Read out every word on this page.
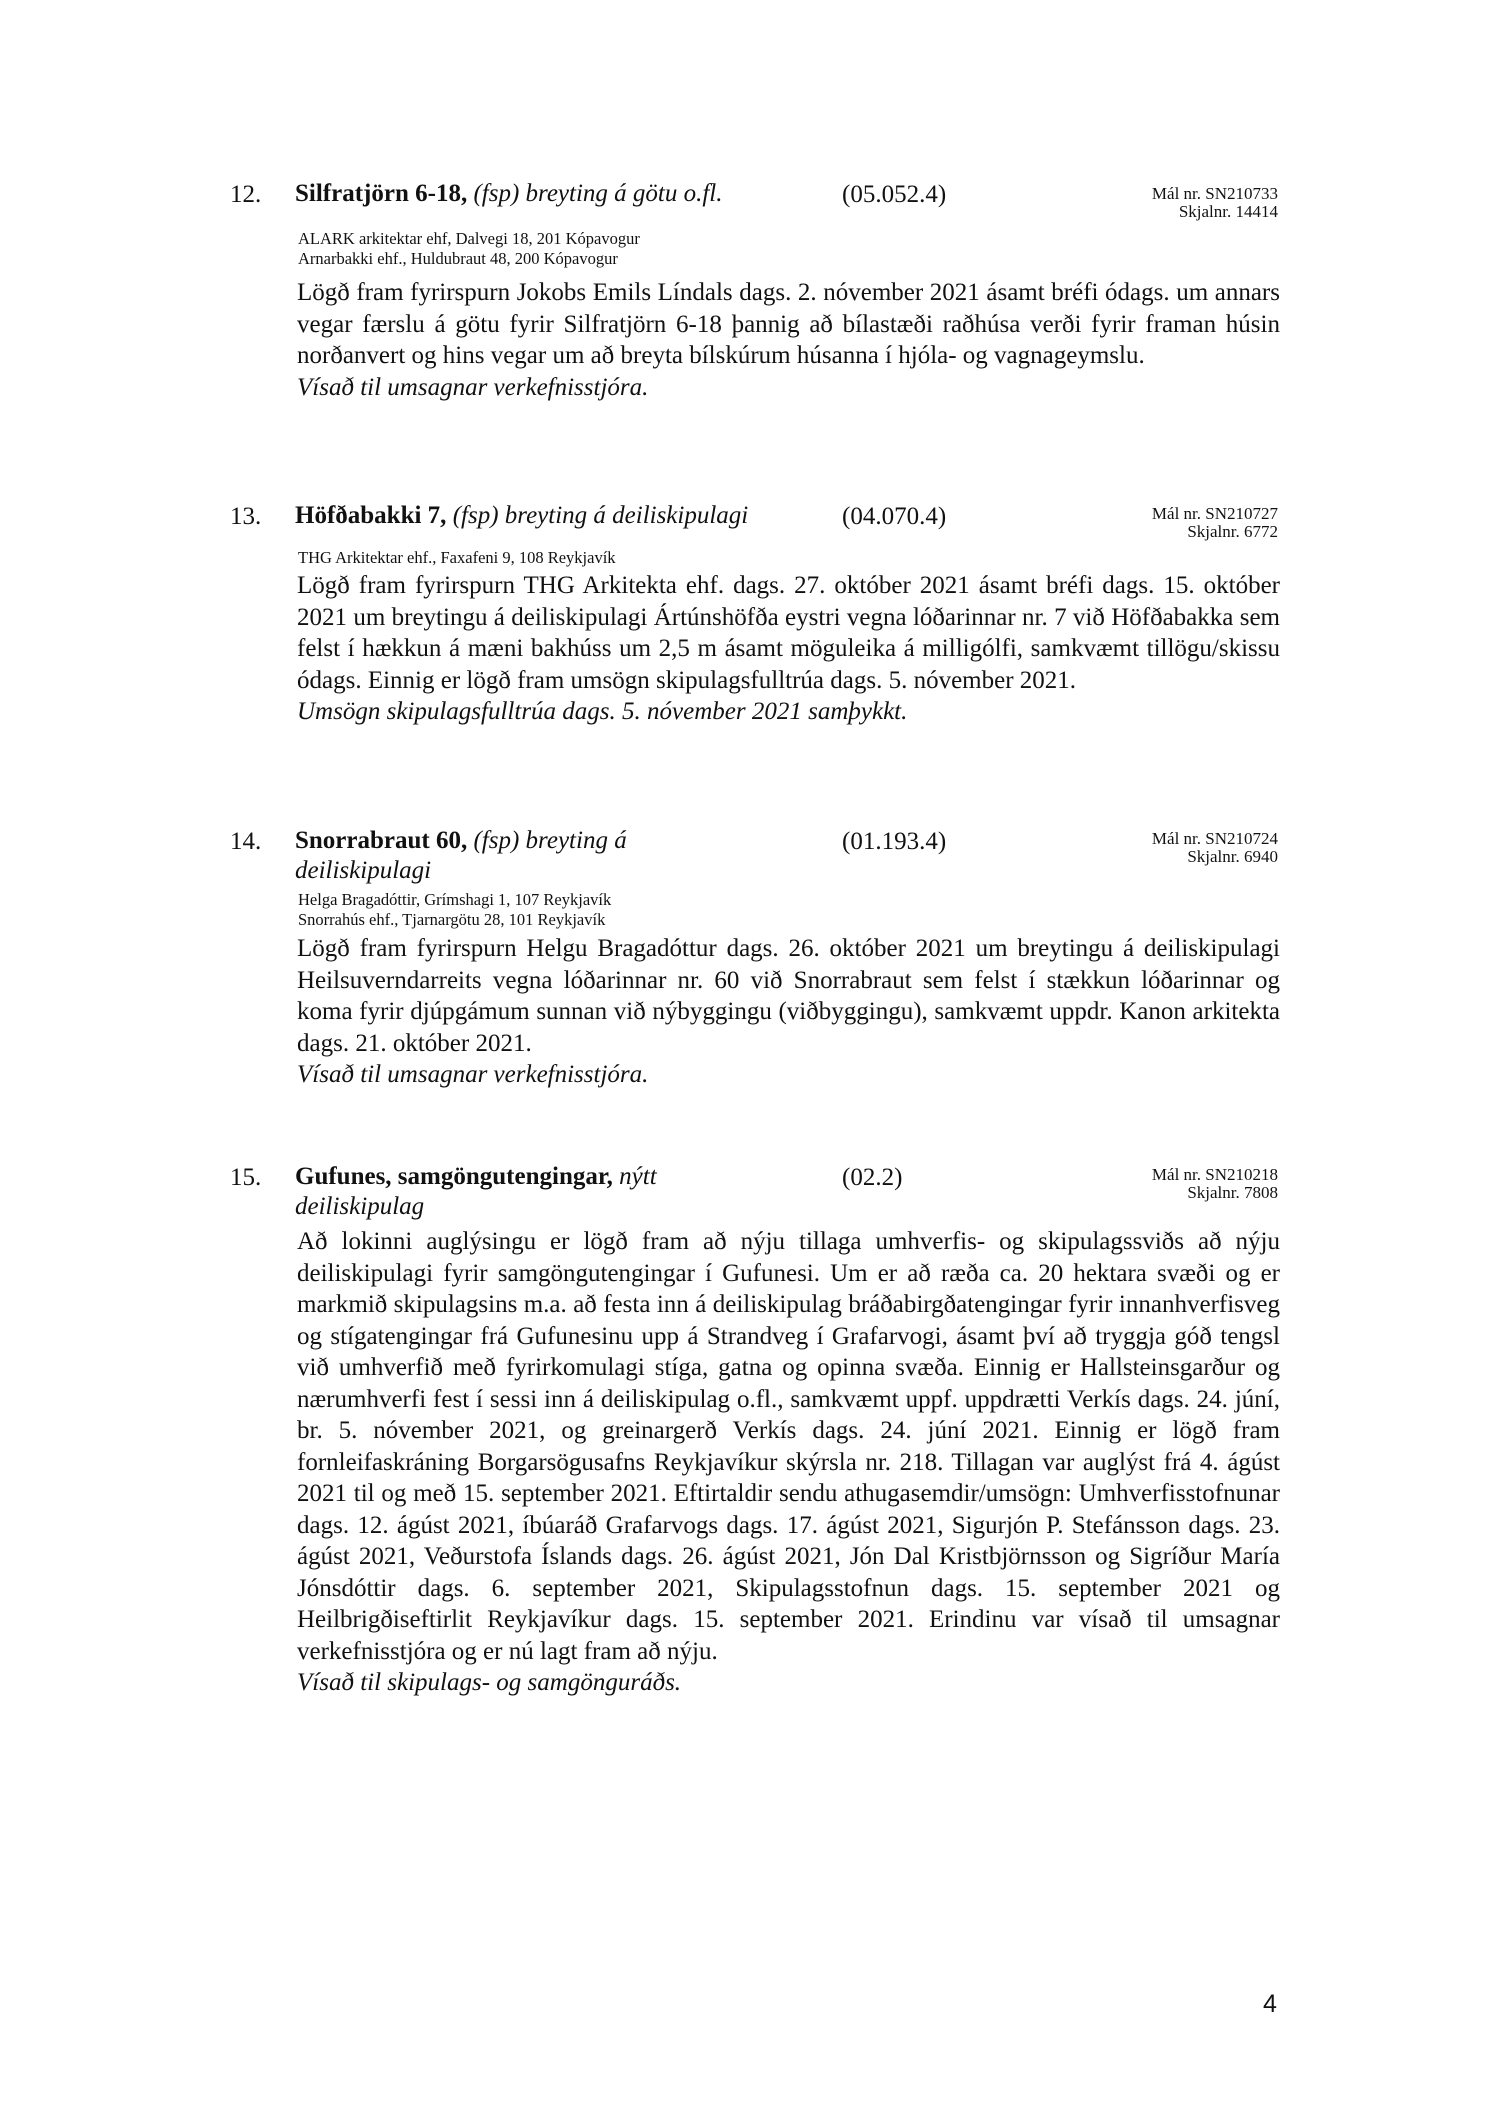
12. Silfratjörn 6-18, (fsp) breyting á götu o.fl.	(05.052.4)	Mál nr. SN210733
Skjalnr. 14414
ALARK arkitektar ehf, Dalvegi 18, 201 Kópavogur
Arnarbakki ehf., Huldubraut 48, 200 Kópavogur

Lögð fram fyrirspurn Jokobs Emils Líndals dags. 2. nóvember 2021 ásamt bréfi ódags. um annars vegar færslu á götu fyrir Silfratjörn 6-18 þannig að bílastæði raðhúsa verði fyrir framan húsin norðanvert og hins vegar um að breyta bílskúrum húsanna í hjóla- og vagnageymslu.

Vísað til umsagnar verkefnisstjóra.

13. Höfðabakki 7, (fsp) breyting á deiliskipulagi	(04.070.4)	Mál nr. SN210727
Skjalnr. 6772
THG Arkitektar ehf., Faxafeni 9, 108 Reykjavík

Lögð fram fyrirspurn THG Arkitekta ehf. dags. 27. október 2021 ásamt bréfi dags. 15. október 2021 um breytingu á deiliskipulagi Ártúnshöfða eystri vegna lóðarinnar nr. 7 við Höfðabakka sem felst í hækkun á mæni bakhúss um 2,5 m ásamt möguleika á milligólfi, samkvæmt tillögu/skissu ódags. Einnig er lögð fram umsögn skipulagsfulltrúa dags. 5. nóvember 2021.

Umsögn skipulagsfulltrúa dags. 5. nóvember 2021 samþykkt.

14. Snorrabraut 60, (fsp) breyting á deiliskipulagi
(01.193.4)	Mál nr. SN210724
Skjalnr. 6940
Helga Bragadóttir, Grímshagi 1, 107 Reykjavík
Snorrahús ehf., Tjarnargötu 28, 101 Reykjavík

Lögð fram fyrirspurn Helgu Bragadóttur dags. 26. október 2021 um breytingu á deiliskipulagi Heilsuverndarreits vegna lóðarinnar nr. 60 við Snorrabraut sem felst í stækkun lóðarinnar og koma fyrir djúpgámum sunnan við nýbyggingu (viðbyggingu), samkvæmt uppdr. Kanon arkitekta dags. 21. október 2021.

Vísað til umsagnar verkefnisstjóra.

15. Gufunes, samgöngutengingar, nýtt deiliskipulag
(02.2)	Mál nr. SN210218
Skjalnr. 7808

Að lokinni auglýsingu er lögð fram að nýju tillaga umhverfis- og skipulagssviðs að nýju deiliskipulagi fyrir samgöngutengingar í Gufunesi. Um er að ræða ca. 20 hektara svæði og er markmið skipulagsins m.a. að festa inn á deiliskipulag bráðabirgðatengingar fyrir innanhverfisveg og stígatengingar frá Gufunesinu upp á Strandveg í Grafarvogi, ásamt því að tryggja góð tengsl við umhverfið með fyrirkomulagi stíga, gatna og opinna svæða. Einnig er Hallsteinsgarður og nærumhverfi fest í sessi inn á deiliskipulag o.fl., samkvæmt uppf. uppdrætti Verkís dags. 24. júní, br. 5. nóvember 2021, og greinargerð Verkís dags. 24. júní 2021. Einnig er lögð fram fornleifaskráning Borgarsögusafns Reykjavíkur skýrsla nr. 218. Tillagan var auglýst frá 4. ágúst 2021 til og með 15. september 2021. Eftirtaldir sendu athugasemdir/umsögn: Umhverfisstofnunar dags. 12. ágúst 2021, íbúaráð Grafarvogs dags. 17. ágúst 2021, Sigurjón P. Stefánsson dags. 23. ágúst 2021, Veðurstofa Íslands dags. 26. ágúst 2021, Jón Dal Kristbjörnsson og Sigríður María Jónsdóttir dags. 6. september 2021, Skipulagsstofnun dags. 15. september 2021 og Heilbrigðiseftirlit Reykjavíkur dags. 15. september 2021. Erindinu var vísað til umsagnar verkefnisstjóra og er nú lagt fram að nýju.

Vísað til skipulags- og samgönguráðs.

4
